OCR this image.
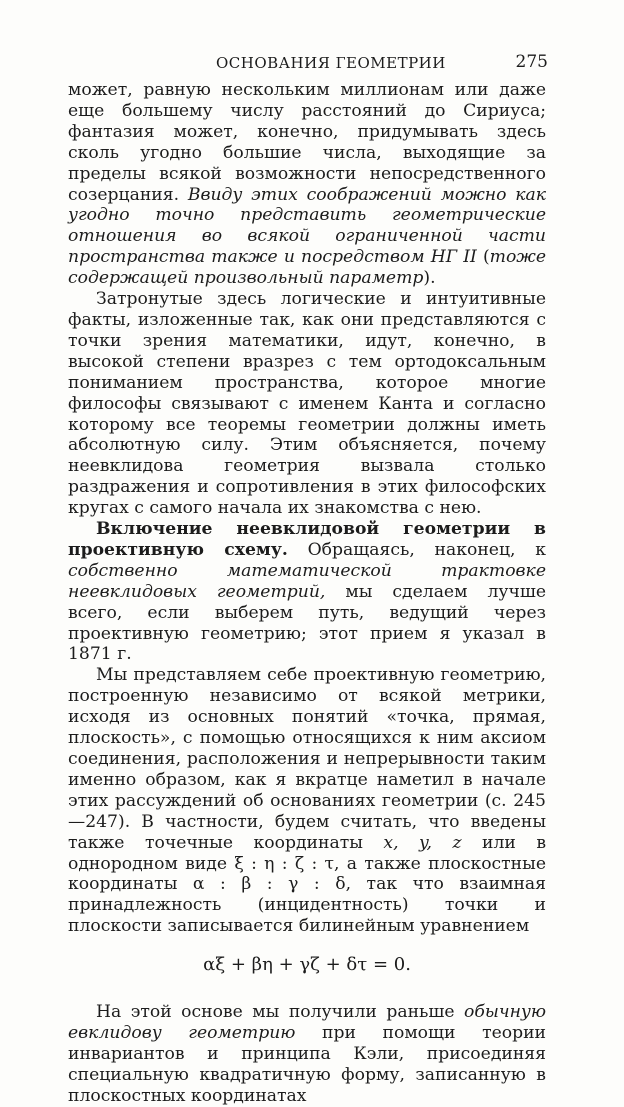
ОСНОВАНИЯ ГЕОМЕТРИИ	275

может, равную нескольким миллионам или даже еще большему числу расстояний до Сириуса; фантазия может, конечно, придумывать здесь сколь угодно большие числа, выходящие за пределы всякой возможности непосредственного созерцания. Ввиду этих соображений можно как угодно точно представить геометрические отношения во всякой ограниченной части пространства также и посредством НГ II (тоже содержащей произвольный параметр).

Затронутые здесь логические и интуитивные факты, изложенные так, как они представляются с точки зрения математики, идут, конечно, в высокой степени вразрез с тем ортодоксальным пониманием пространства, которое многие философы связывают с именем Канта и согласно которому все теоремы геометрии должны иметь абсолютную силу. Этим объясняется, почему неевклидова геометрия вызвала столько раздражения и сопротивления в этих философских кругах с самого начала их знакомства с нею.

Включение неевклидовой геометрии в проективную схему. Обращаясь, наконец, к собственно математической трактовке неевклидовых геометрий, мы сделаем лучше всего, если выберем путь, ведущий через проективную геометрию; этот прием я указал в 1871 г.

Мы представляем себе проективную геометрию, построенную независимо от всякой метрики, исходя из основных понятий «точка, прямая, плоскость», с помощью относящихся к ним аксиом соединения, расположения и непрерывности таким именно образом, как я вкратце наметил в начале этих рассуждений об основаниях геометрии (с. 245—247). В частности, будем считать, что введены также точечные координаты x, y, z или в однородном виде ξ : η : ζ : τ, а также плоскостные координаты α : β : γ : δ, так что взаимная принадлежность (инцидентность) точки и плоскости записывается билинейным уравнением

αξ + βη + γζ + δτ = 0.

На этой основе мы получили раньше обычную евклидову геометрию при помощи теории инвариантов и принципа Кэли, присоединяя специальную квадратичную форму, записанную в плоскостных координатах
